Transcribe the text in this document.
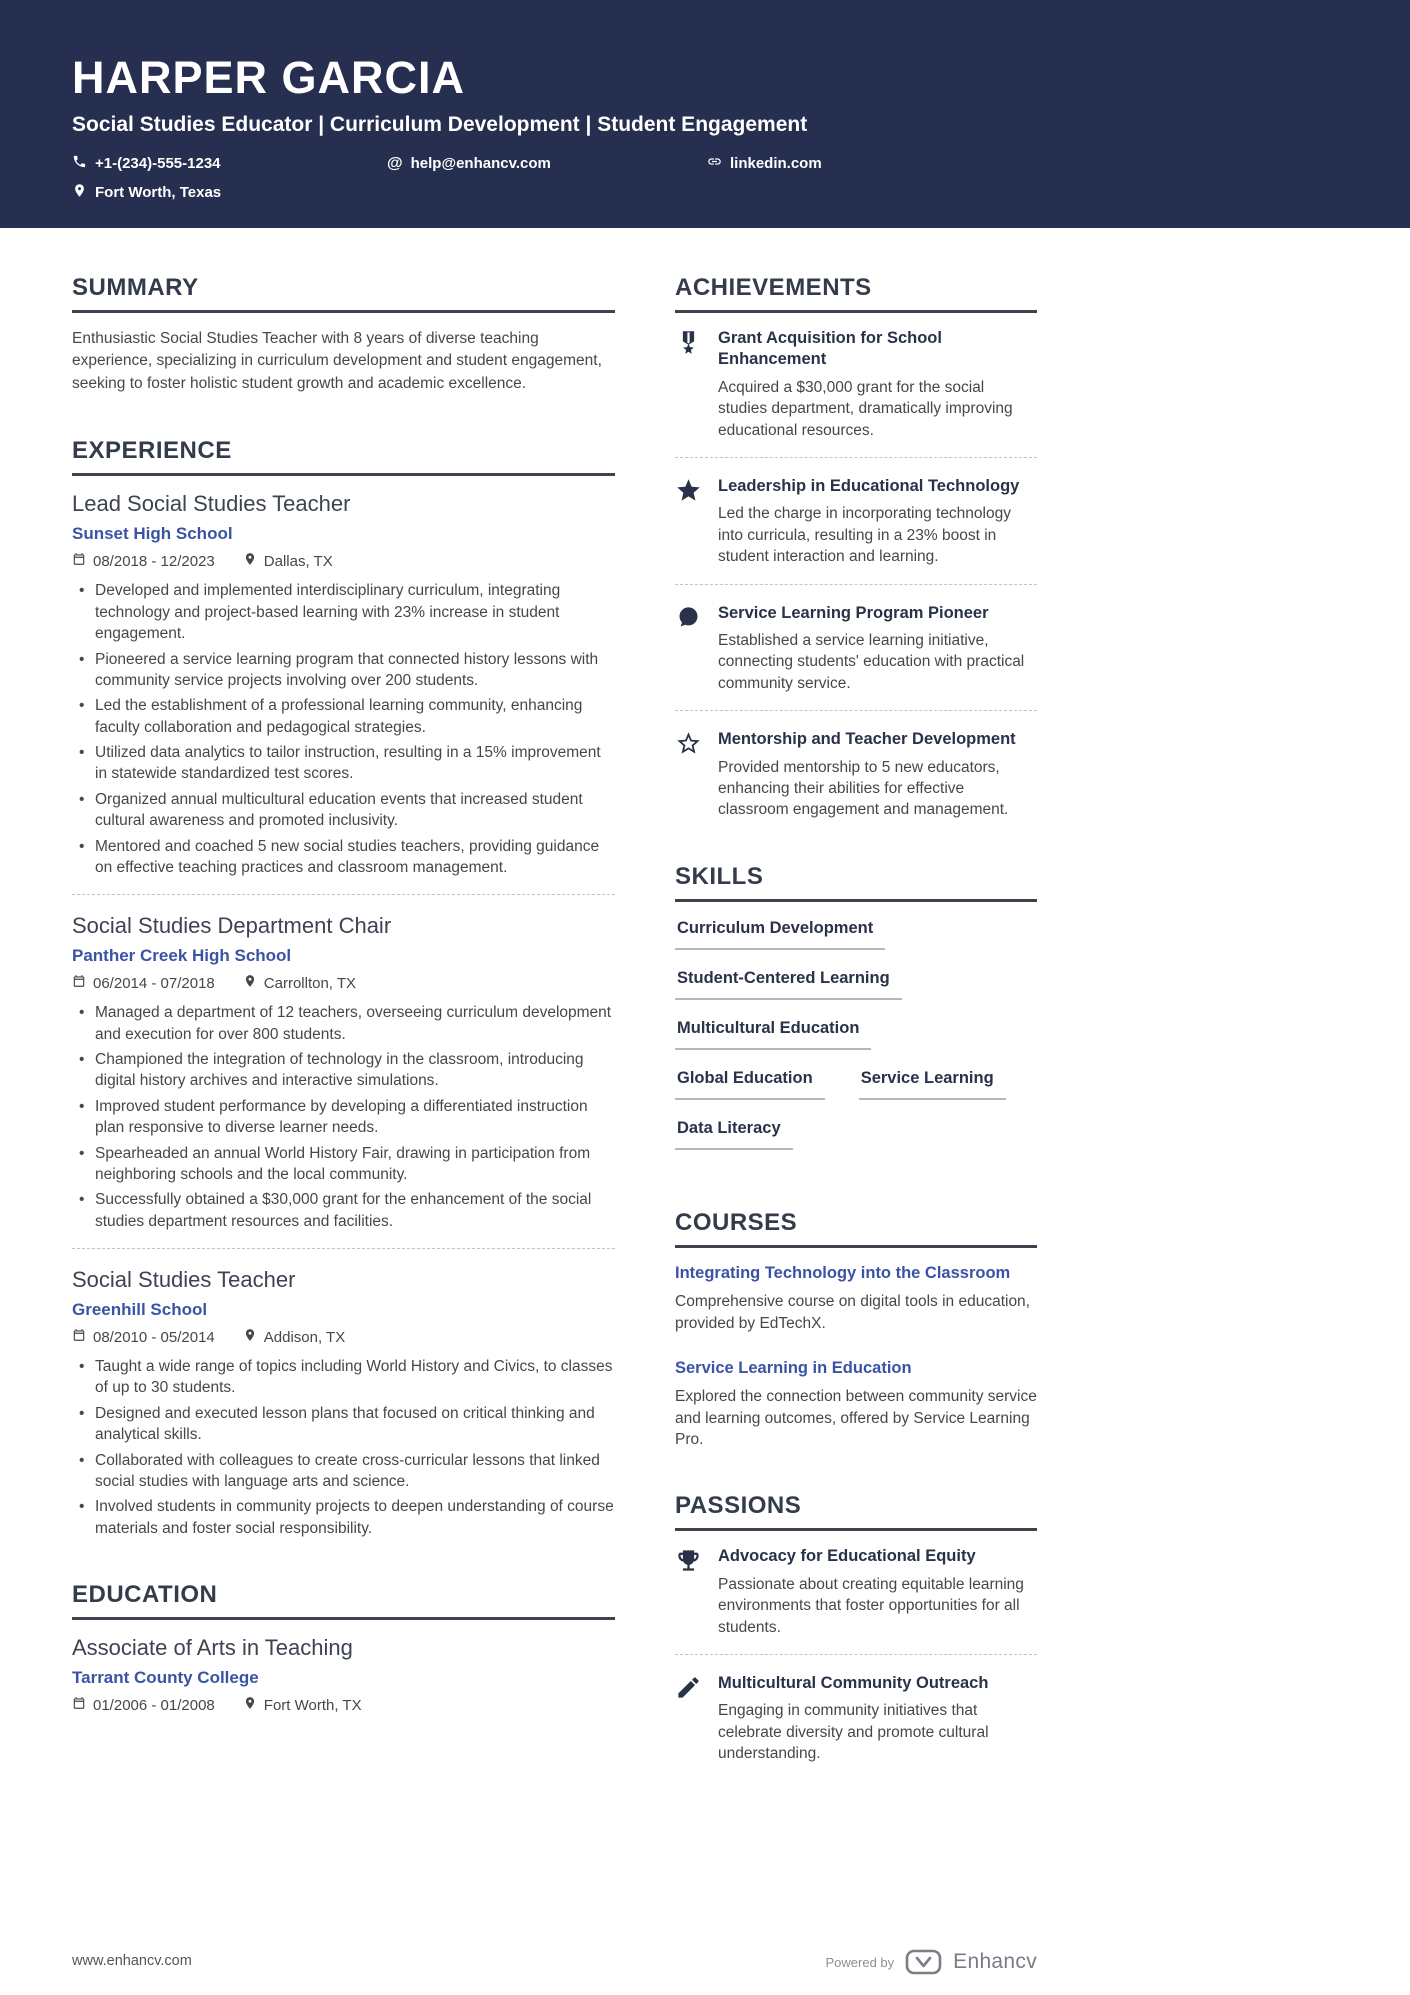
HARPER GARCIA
Social Studies Educator | Curriculum Development | Student Engagement
+1-(234)-555-1234	@ help@enhancv.com	linkedin.com
Fort Worth, Texas
SUMMARY

Enthusiastic Social Studies Teacher with 8 years of diverse teaching experience, specializing in curriculum development and student engagement, seeking to foster holistic student growth and academic excellence.

EXPERIENCE
Lead Social Studies Teacher
Sunset High School
08/2018 - 12/2023	Dallas, TX
• Developed and implemented interdisciplinary curriculum, integrating technology and project-based learning with 23% increase in student engagement.
• Pioneered a service learning program that connected history lessons with community service projects involving over 200 students.
• Led the establishment of a professional learning community, enhancing faculty collaboration and pedagogical strategies.
• Utilized data analytics to tailor instruction, resulting in a 15% improvement in statewide standardized test scores.
• Organized annual multicultural education events that increased student cultural awareness and promoted inclusivity.
• Mentored and coached 5 new social studies teachers, providing guidance on effective teaching practices and classroom management.
Social Studies Department Chair
Panther Creek High School
06/2014 - 07/2018	Carrollton, TX
• Managed a department of 12 teachers, overseeing curriculum development and execution for over 800 students.
• Championed the integration of technology in the classroom, introducing digital history archives and interactive simulations.
• Improved student performance by developing a differentiated instruction plan responsive to diverse learner needs.
• Spearheaded an annual World History Fair, drawing in participation from neighboring schools and the local community.
• Successfully obtained a $30,000 grant for the enhancement of the social studies department resources and facilities.
Social Studies Teacher
Greenhill School
08/2010 - 05/2014	Addison, TX
• Taught a wide range of topics including World History and Civics, to classes of up to 30 students.
• Designed and executed lesson plans that focused on critical thinking and analytical skills.
• Collaborated with colleagues to create cross-curricular lessons that linked social studies with language arts and science.
• Involved students in community projects to deepen understanding of course materials and foster social responsibility.
EDUCATION
Associate of Arts in Teaching
Tarrant County College
01/2006 - 01/2008	Fort Worth, TX
ACHIEVEMENTS
Grant Acquisition for School Enhancement
Acquired a $30,000 grant for the social studies department, dramatically improving educational resources.
Leadership in Educational Technology
Led the charge in incorporating technology into curricula, resulting in a 23% boost in student interaction and learning.
Service Learning Program Pioneer
Established a service learning initiative, connecting students' education with practical community service.
Mentorship and Teacher Development
Provided mentorship to 5 new educators, enhancing their abilities for effective classroom engagement and management.
SKILLS
Curriculum Development
Student-Centered Learning
Multicultural Education
Global Education	Service Learning
Data Literacy
COURSES
Integrating Technology into the Classroom
Comprehensive course on digital tools in education, provided by EdTechX.
Service Learning in Education
Explored the connection between community service and learning outcomes, offered by Service Learning Pro.
PASSIONS
Advocacy for Educational Equity
Passionate about creating equitable learning environments that foster opportunities for all students.
Multicultural Community Outreach
Engaging in community initiatives that celebrate diversity and promote cultural understanding.
www.enhancv.com	Powered by	Enhancv
